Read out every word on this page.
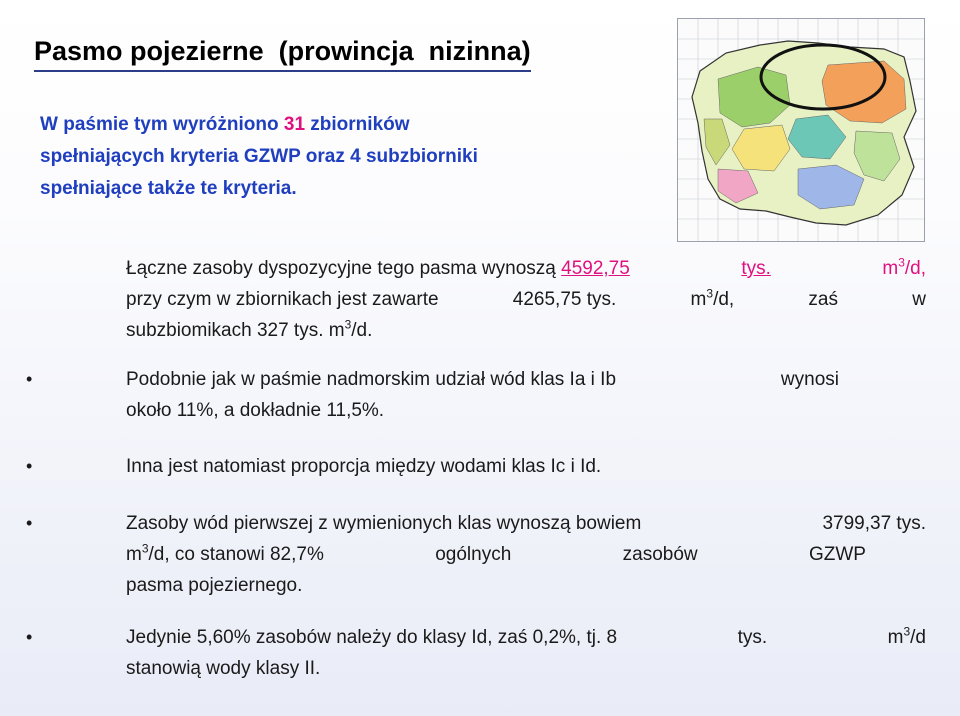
Pasmo pojezierne  (prowincja  nizinna)

W paśmie tym wyróżniono 31 zbiorników spełniających kryteria GZWP oraz 4 subzbiorniki spełniające także te kryteria.

Łączne zasoby dyspozycyjne tego pasma wynoszą 4592,75	tys.	$m^3/d$,
przy czym w zbiornikach jest zawarte	4265,75 tys.	$m^3/d$,	zaś	w
subzbiomikach 327 tys. $m^3/d$.
•	Podobnie jak w paśmie nadmorskim udział wód klas Ia i Ib	wynosi
około 11%, a dokładnie 11,5%.
•	Inna jest natomiast proporcja między wodami klas Ic i Id.
•	Zasoby wód pierwszej z wymienionych klas wynoszą bowiem	3799,37 tys.
$m^3/d$, co stanowi 82,7%	ogólnych	zasobów	GZWP
pasma pojeziernego.
•	Jedynie 5,60% zasobów należy do klasy Id, zaś 0,2%, tj. 8	tys.	$m^3/d$
stanowią wody klasy II.
